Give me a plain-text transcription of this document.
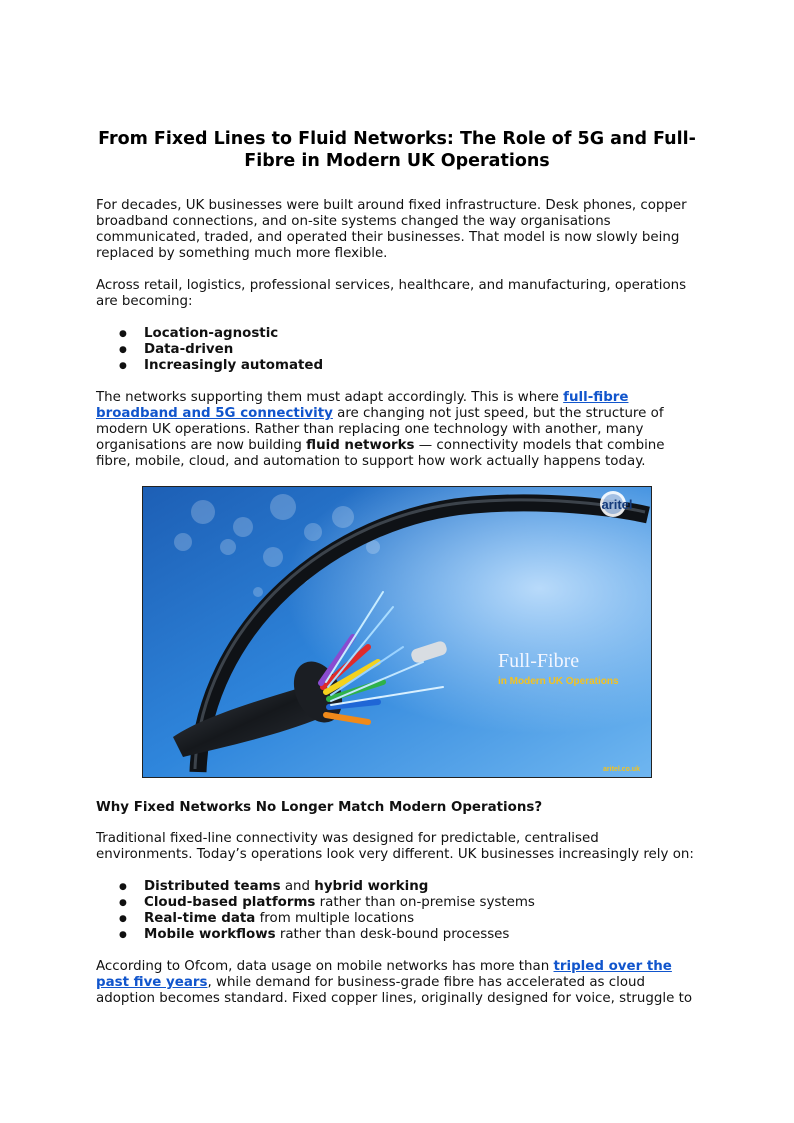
From Fixed Lines to Fluid Networks: The Role of 5G and Full-Fibre in Modern UK Operations

For decades, UK businesses were built around fixed infrastructure. Desk phones, copper broadband connections, and on-site systems changed the way organisations communicated, traded, and operated their businesses. That model is now slowly being replaced by something much more flexible.

Across retail, logistics, professional services, healthcare, and manufacturing, operations are becoming:

● Location-agnostic
● Data-driven
● Increasingly automated

The networks supporting them must adapt accordingly. This is where full-fibre broadband and 5G connectivity are changing not just speed, but the structure of modern UK operations. Rather than replacing one technology with another, many organisations are now building fluid networks — connectivity models that combine fibre, mobile, cloud, and automation to support how work actually happens today.

aritel
Full-Fibre
in Modern UK Operations
aritel.co.uk
Why Fixed Networks No Longer Match Modern Operations?

Traditional fixed-line connectivity was designed for predictable, centralised environments. Today’s operations look very different. UK businesses increasingly rely on:

● Distributed teams and hybrid working
● Cloud-based platforms rather than on-premise systems
● Real-time data from multiple locations
● Mobile workflows rather than desk-bound processes

According to Ofcom, data usage on mobile networks has more than tripled over the past five years, while demand for business-grade fibre has accelerated as cloud adoption becomes standard. Fixed copper lines, originally designed for voice, struggle to
